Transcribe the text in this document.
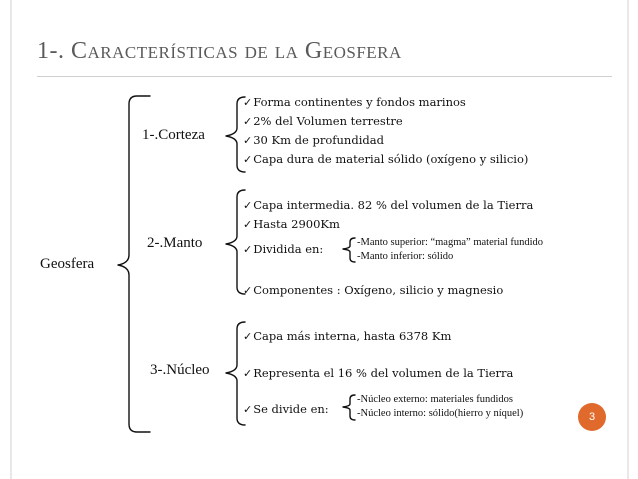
1-. Características de la Geosfera
Geosfera
1-.Corteza
2-.Manto
3-.Núcleo
✓Forma continentes y fondos marinos
✓2% del Volumen terrestre
✓30 Km de profundidad
✓Capa dura de material sólido (oxígeno y silicio)
✓Capa intermedia. 82 % del volumen de la Tierra
✓Hasta 2900Km
✓Dividida en:	-Manto superior: “magma” material fundido
-Manto inferior: sólido
✓Componentes : Oxígeno, silicio y magnesio
✓Capa más interna, hasta 6378 Km
✓Representa el 16 % del volumen de la Tierra
✓Se divide en:
-Núcleo externo: materiales fundidos
-Núcleo interno: sólido(hierro y níquel)	3
